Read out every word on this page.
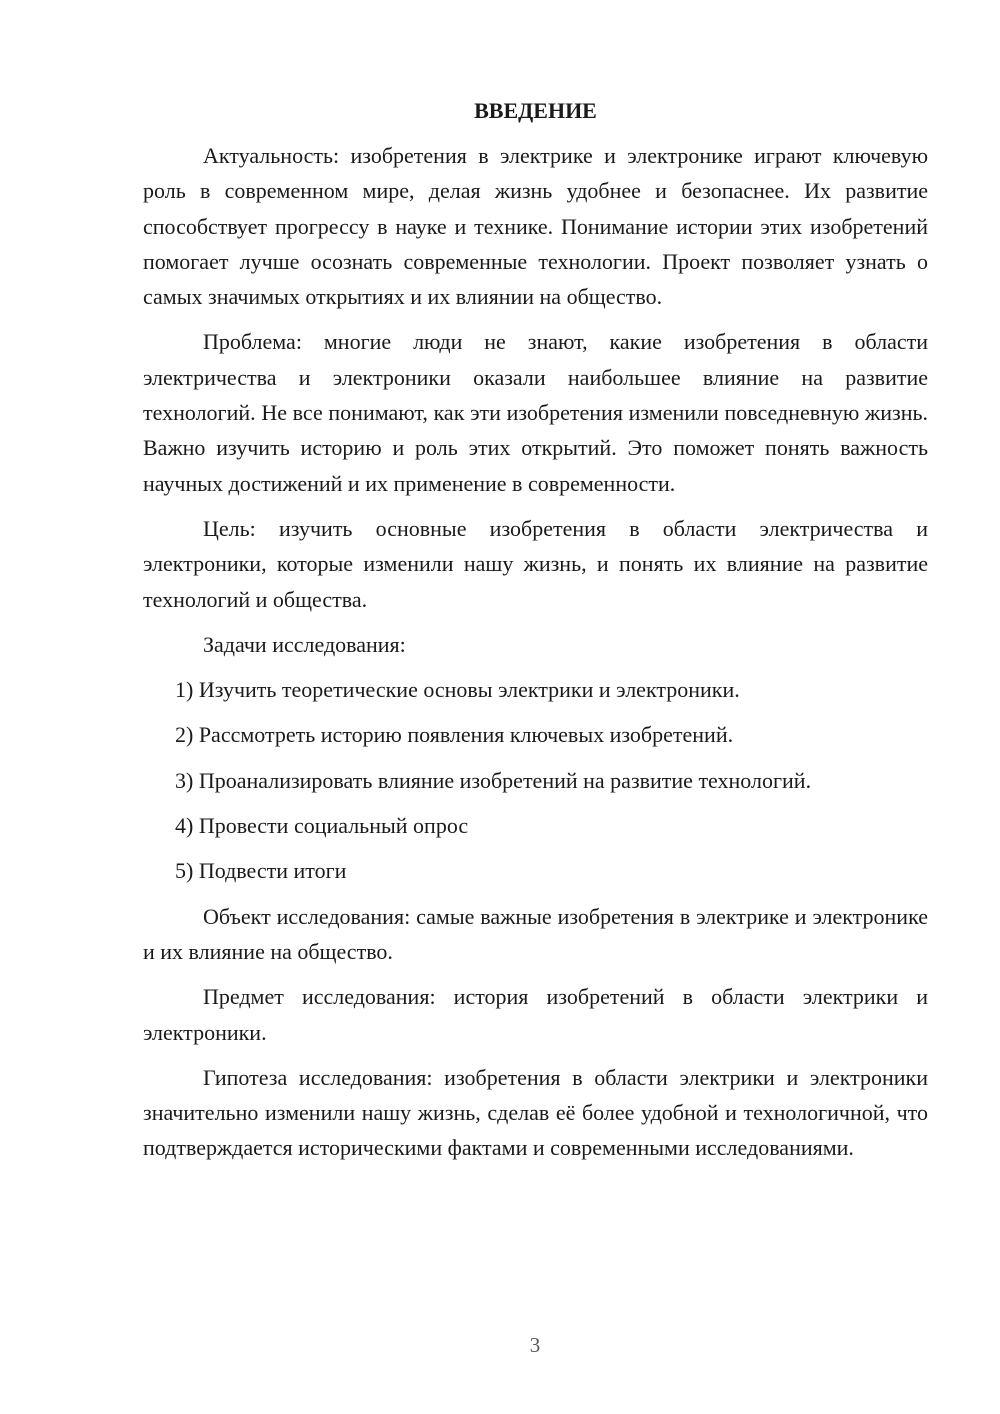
ВВЕДЕНИЕ

Актуальность: изобретения в электрике и электронике играют ключевую роль в современном мире, делая жизнь удобнее и безопаснее. Их развитие способствует прогрессу в науке и технике. Понимание истории этих изобретений помогает лучше осознать современные технологии. Проект позволяет узнать о самых значимых открытиях и их влиянии на общество.

Проблема: многие люди не знают, какие изобретения в области электричества и электроники оказали наибольшее влияние на развитие технологий. Не все понимают, как эти изобретения изменили повседневную жизнь. Важно изучить историю и роль этих открытий. Это поможет понять важность научных достижений и их применение в современности.

Цель: изучить основные изобретения в области электричества и электроники, которые изменили нашу жизнь, и понять их влияние на развитие технологий и общества.

Задачи исследования:

1) Изучить теоретические основы электрики и электроники.
2) Рассмотреть историю появления ключевых изобретений.
3) Проанализировать влияние изобретений на развитие технологий.
4) Провести социальный опрос
5) Подвести итоги

Объект исследования: самые важные изобретения в электрике и электронике и их влияние на общество.

Предмет исследования: история изобретений в области электрики и электроники.

Гипотеза исследования: изобретения в области электрики и электроники значительно изменили нашу жизнь, сделав её более удобной и технологичной, что подтверждается историческими фактами и современными исследованиями.

3
